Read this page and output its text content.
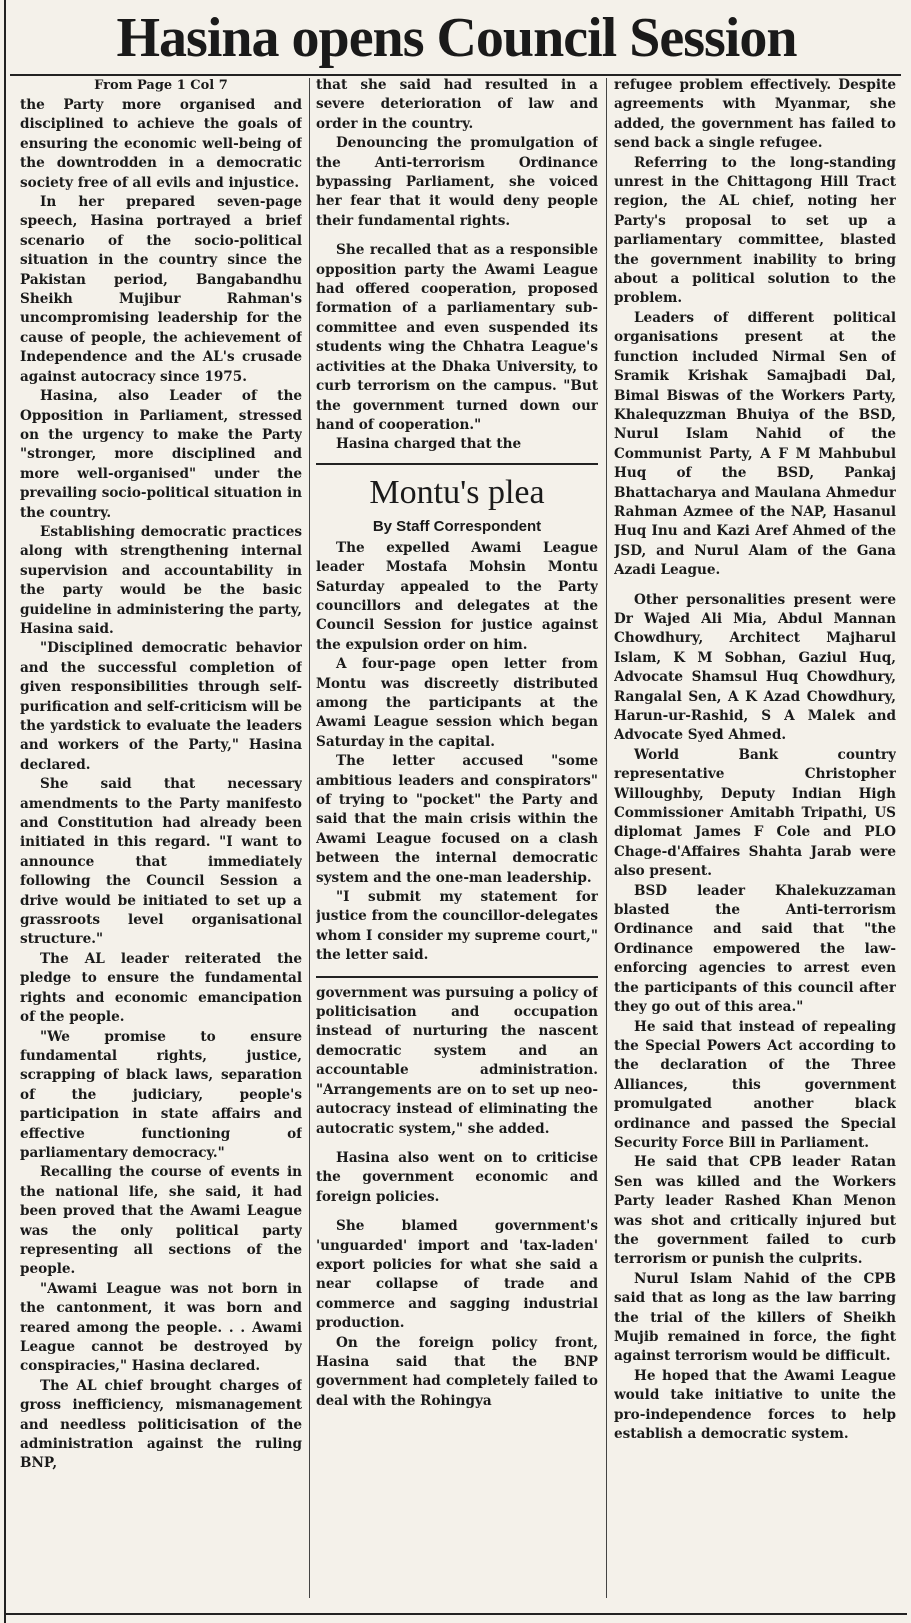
Hasina opens Council Session

From Page 1 Col 7

the Party more organised and disciplined to achieve the goals of ensuring the economic well-being of the downtrodden in a democratic society free of all evils and injustice.

In her prepared seven-page speech, Hasina portrayed a brief scenario of the socio-political situation in the country since the Pakistan period, Bangabandhu Sheikh Mujibur Rahman's uncompromising leadership for the cause of people, the achievement of Independence and the AL's crusade against autocracy since 1975.

Hasina, also Leader of the Opposition in Parliament, stressed on the urgency to make the Party "stronger, more disciplined and more well-organised" under the prevailing socio-political situation in the country.

Establishing democratic practices along with strengthening internal supervision and accountability in the party would be the basic guideline in administering the party, Hasina said.

"Disciplined democratic behavior and the successful completion of given responsibilities through self-purification and self-criticism will be the yardstick to evaluate the leaders and workers of the Party," Hasina declared.

She said that necessary amendments to the Party manifesto and Constitution had already been initiated in this regard. "I want to announce that immediately following the Council Session a drive would be initiated to set up a grassroots level organisational structure."

The AL leader reiterated the pledge to ensure the fundamental rights and economic emancipation of the people.

"We promise to ensure fundamental rights, justice, scrapping of black laws, separation of the judiciary, people's participation in state affairs and effective functioning of parliamentary democracy."

Recalling the course of events in the national life, she said, it had been proved that the Awami League was the only political party representing all sections of the people.

"Awami League was not born in the cantonment, it was born and reared among the people. . . Awami League cannot be destroyed by conspiracies," Hasina declared.

The AL chief brought charges of gross inefficiency, mismanagement and needless politicisation of the administration against the ruling BNP,

that she said had resulted in a severe deterioration of law and order in the country.

Denouncing the promulgation of the Anti-terrorism Ordinance bypassing Parliament, she voiced her fear that it would deny people their fundamental rights.

She recalled that as a responsible opposition party the Awami League had offered cooperation, proposed formation of a parliamentary sub-committee and even suspended its students wing the Chhatra League's activities at the Dhaka University, to curb terrorism on the campus. "But the government turned down our hand of cooperation."

Hasina charged that the

Montu's plea

By Staff Correspondent

The expelled Awami League leader Mostafa Mohsin Montu Saturday appealed to the Party councillors and delegates at the Council Session for justice against the expulsion order on him.

A four-page open letter from Montu was discreetly distributed among the participants at the Awami League session which began Saturday in the capital.

The letter accused "some ambitious leaders and conspirators" of trying to "pocket" the Party and said that the main crisis within the Awami League focused on a clash between the internal democratic system and the one-man leadership.

"I submit my statement for justice from the councillor-delegates whom I consider my supreme court," the letter said.

government was pursuing a policy of politicisation and occupation instead of nurturing the nascent democratic system and an accountable administration. "Arrangements are on to set up neo-autocracy instead of eliminating the autocratic system," she added.

Hasina also went on to criticise the government economic and foreign policies.

She blamed government's 'unguarded' import and 'tax-laden' export policies for what she said a near collapse of trade and commerce and sagging industrial production.

On the foreign policy front, Hasina said that the BNP government had completely failed to deal with the Rohingya

refugee problem effectively. Despite agreements with Myanmar, she added, the government has failed to send back a single refugee.

Referring to the long-standing unrest in the Chittagong Hill Tract region, the AL chief, noting her Party's proposal to set up a parliamentary committee, blasted the government inability to bring about a political solution to the problem.

Leaders of different political organisations present at the function included Nirmal Sen of Sramik Krishak Samajbadi Dal, Bimal Biswas of the Workers Party, Khalequzzman Bhuiya of the BSD, Nurul Islam Nahid of the Communist Party, A F M Mahbubul Huq of the BSD, Pankaj Bhattacharya and Maulana Ahmedur Rahman Azmee of the NAP, Hasanul Huq Inu and Kazi Aref Ahmed of the JSD, and Nurul Alam of the Gana Azadi League.

Other personalities present were Dr Wajed Ali Mia, Abdul Mannan Chowdhury, Architect Majharul Islam, K M Sobhan, Gaziul Huq, Advocate Shamsul Huq Chowdhury, Rangalal Sen, A K Azad Chowdhury, Harun-ur-Rashid, S A Malek and Advocate Syed Ahmed.

World Bank country representative Christopher Willoughby, Deputy Indian High Commissioner Amitabh Tripathi, US diplomat James F Cole and PLO Chage-d'Affaires Shahta Jarab were also present.

BSD leader Khalekuzzaman blasted the Anti-terrorism Ordinance and said that "the Ordinance empowered the law-enforcing agencies to arrest even the participants of this council after they go out of this area."

He said that instead of repealing the Special Powers Act according to the declaration of the Three Alliances, this government promulgated another black ordinance and passed the Special Security Force Bill in Parliament.

He said that CPB leader Ratan Sen was killed and the Workers Party leader Rashed Khan Menon was shot and critically injured but the government failed to curb terrorism or punish the culprits.

Nurul Islam Nahid of the CPB said that as long as the law barring the trial of the killers of Sheikh Mujib remained in force, the fight against terrorism would be difficult.

He hoped that the Awami League would take initiative to unite the pro-independence forces to help establish a democratic system.
